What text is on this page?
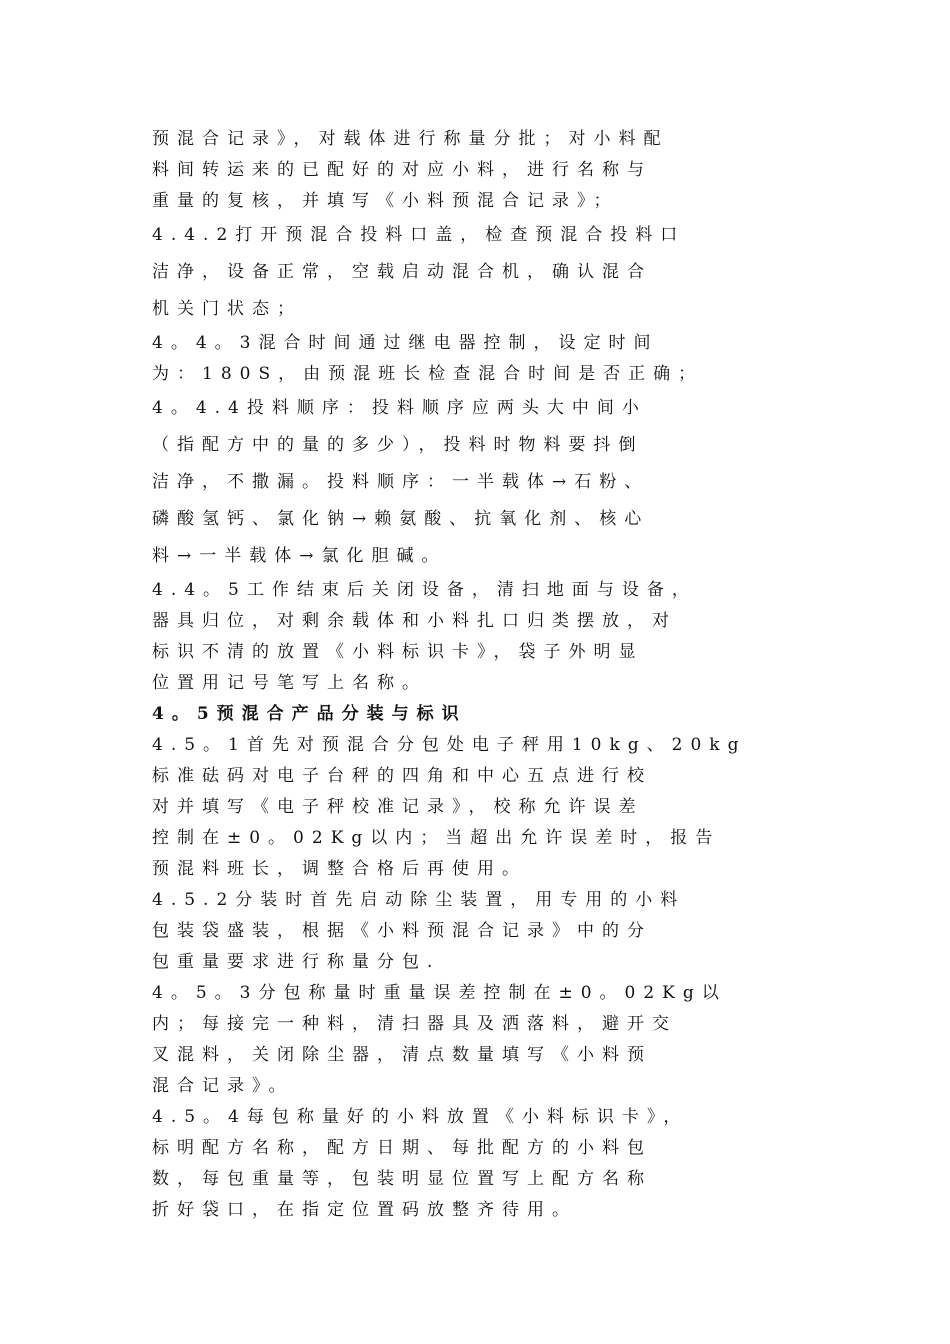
预混合记录》，对载体进行称量分批；对小料配
料间转运来的已配好的对应小料，进行名称与
重量的复核，并填写《小料预混合记录》；
4.4.2打开预混合投料口盖，检查预混合投料口
洁净，设备正常，空载启动混合机，确认混合
机关门状态；
4。4。3混合时间通过继电器控制，设定时间
为：180S，由预混班长检查混合时间是否正确；
4。4.4投料顺序：投料顺序应两头大中间小
（指配方中的量的多少），投料时物料要抖倒
洁净，不撒漏。投料顺序：一半载体→石粉、
磷酸氢钙、氯化钠→赖氨酸、抗氧化剂、核心
料→一半载体→氯化胆碱。
4.4。5工作结束后关闭设备，清扫地面与设备，
器具归位，对剩余载体和小料扎口归类摆放，对
标识不清的放置《小料标识卡》，袋子外明显
位置用记号笔写上名称。
4。5预混合产品分装与标识
4.5。1首先对预混合分包处电子秤用10kg、20kg
标准砝码对电子台秤的四角和中心五点进行校
对并填写《电子秤校准记录》，校称允许误差
控制在±0。02Kg以内；当超出允许误差时，报告
预混料班长，调整合格后再使用。
4.5.2分装时首先启动除尘装置，用专用的小料
包装袋盛装，根据《小料预混合记录》中的分
包重量要求进行称量分包.
4。5。3分包称量时重量误差控制在±0。02Kg以
内；每接完一种料，清扫器具及洒落料，避开交
叉混料，关闭除尘器，清点数量填写《小料预
混合记录》。
4.5。4每包称量好的小料放置《小料标识卡》，
标明配方名称，配方日期、每批配方的小料包
数，每包重量等，包装明显位置写上配方名称
折好袋口，在指定位置码放整齐待用。
